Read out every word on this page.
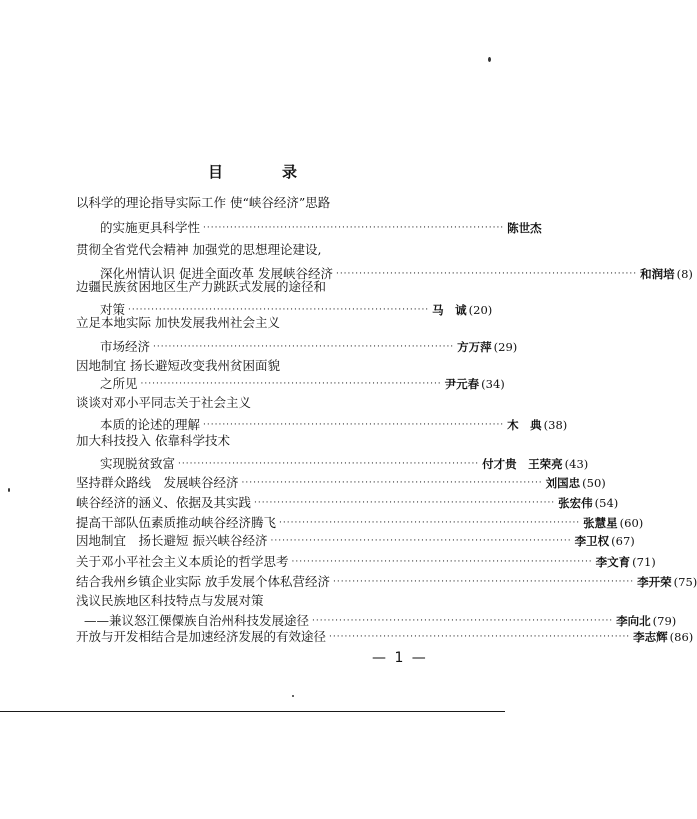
目　录
以科学的理论指导实际工作 使“峡谷经济”思路
的实施更具科学性 ·············································································· 陈世杰
贯彻全省党代会精神 加强党的思想理论建设,
深化州情认识 促进全面改革 发展峡谷经济 ·············································································· 和润培 (8)
边疆民族贫困地区生产力跳跃式发展的途径和
对策 ·············································································· 马　诚 (20)
立足本地实际 加快发展我州社会主义
市场经济 ·············································································· 方万萍 (29)
因地制宜 扬长避短改变我州贫困面貌
之所见 ·············································································· 尹元春 (34)
谈谈对邓小平同志关于社会主义
本质的论述的理解 ·············································································· 木　典 (38)
加大科技投入 依靠科学技术
实现脱贫致富 ·············································································· 付才贵　王荣亮 (43)
坚持群众路线　发展峡谷经济 ·············································································· 刘国忠 (50)
峡谷经济的涵义、依据及其实践 ·············································································· 张宏伟 (54)
提高干部队伍素质推动峡谷经济腾飞 ·············································································· 张慧星 (60)
因地制宜　扬长避短 振兴峡谷经济 ·············································································· 李卫权 (67)
关于邓小平社会主义本质论的哲学思考 ·············································································· 李文育 (71)
结合我州乡镇企业实际 放手发展个体私营经济 ·············································································· 李开荣 (75)
浅议民族地区科技特点与发展对策
——兼议怒江傈僳族自治州科技发展途径 ·············································································· 李向北 (79)
开放与开发相结合是加速经济发展的有效途径 ·············································································· 李志辉 (86)
— 1 —
